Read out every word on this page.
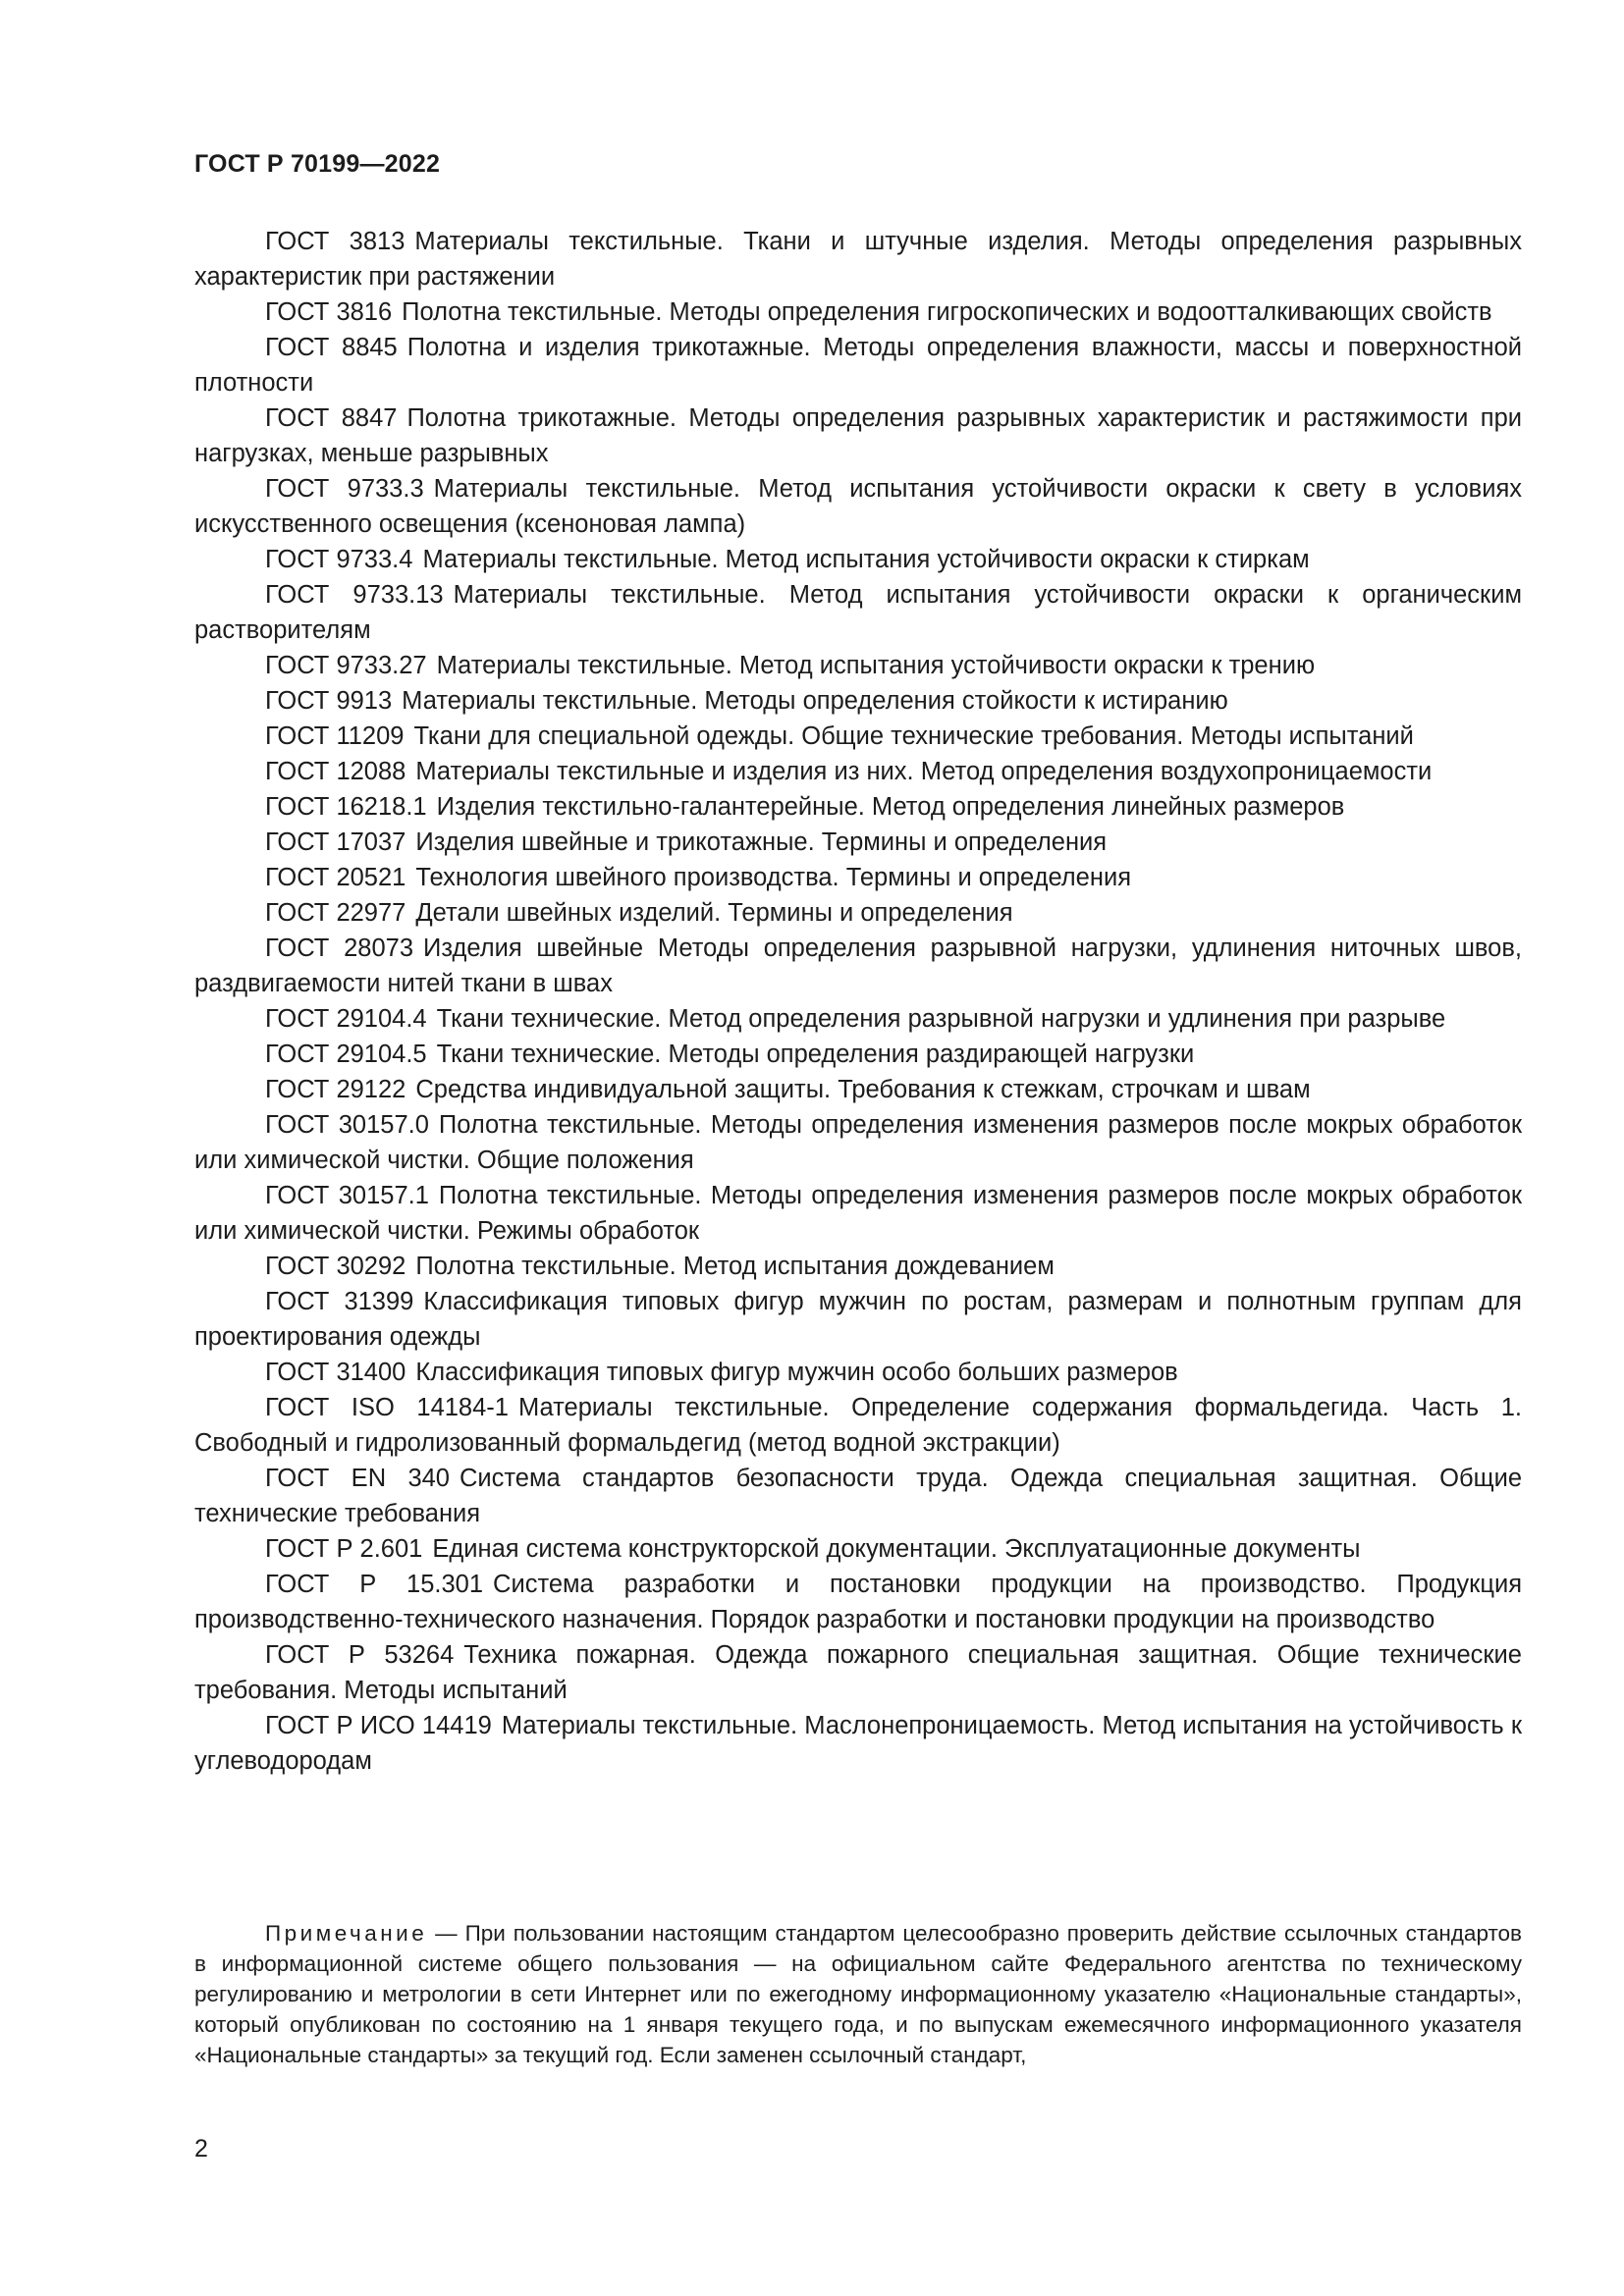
ГОСТ Р 70199—2022

ГОСТ 3813 Материалы текстильные. Ткани и штучные изделия. Методы определения разрывных характеристик при растяжении

ГОСТ 3816 Полотна текстильные. Методы определения гигроскопических и водоотталкивающих свойств

ГОСТ 8845 Полотна и изделия трикотажные. Методы определения влажности, массы и поверхностной плотности

ГОСТ 8847 Полотна трикотажные. Методы определения разрывных характеристик и растяжимости при нагрузках, меньше разрывных

ГОСТ 9733.3 Материалы текстильные. Метод испытания устойчивости окраски к свету в условиях искусственного освещения (ксеноновая лампа)

ГОСТ 9733.4 Материалы текстильные. Метод испытания устойчивости окраски к стиркам

ГОСТ 9733.13 Материалы текстильные. Метод испытания устойчивости окраски к органическим растворителям

ГОСТ 9733.27 Материалы текстильные. Метод испытания устойчивости окраски к трению

ГОСТ 9913 Материалы текстильные. Методы определения стойкости к истиранию

ГОСТ 11209 Ткани для специальной одежды. Общие технические требования. Методы испытаний

ГОСТ 12088 Материалы текстильные и изделия из них. Метод определения воздухопроницаемости

ГОСТ 16218.1 Изделия текстильно-галантерейные. Метод определения линейных размеров

ГОСТ 17037 Изделия швейные и трикотажные. Термины и определения

ГОСТ 20521 Технология швейного производства. Термины и определения

ГОСТ 22977 Детали швейных изделий. Термины и определения

ГОСТ 28073 Изделия швейные Методы определения разрывной нагрузки, удлинения ниточных швов, раздвигаемости нитей ткани в швах

ГОСТ 29104.4 Ткани технические. Метод определения разрывной нагрузки и удлинения при разрыве

ГОСТ 29104.5 Ткани технические. Методы определения раздирающей нагрузки

ГОСТ 29122 Средства индивидуальной защиты. Требования к стежкам, строчкам и швам

ГОСТ 30157.0 Полотна текстильные. Методы определения изменения размеров после мокрых обработок или химической чистки. Общие положения

ГОСТ 30157.1 Полотна текстильные. Методы определения изменения размеров после мокрых обработок или химической чистки. Режимы обработок

ГОСТ 30292 Полотна текстильные. Метод испытания дождеванием

ГОСТ 31399 Классификация типовых фигур мужчин по ростам, размерам и полнотным группам для проектирования одежды

ГОСТ 31400 Классификация типовых фигур мужчин особо больших размеров

ГОСТ ISO 14184-1 Материалы текстильные. Определение содержания формальдегида. Часть 1. Свободный и гидролизованный формальдегид (метод водной экстракции)

ГОСТ EN 340 Система стандартов безопасности труда. Одежда специальная защитная. Общие технические требования

ГОСТ Р 2.601 Единая система конструкторской документации. Эксплуатационные документы

ГОСТ Р 15.301 Система разработки и постановки продукции на производство. Продукция производственно-технического назначения. Порядок разработки и постановки продукции на производство

ГОСТ Р 53264 Техника пожарная. Одежда пожарного специальная защитная. Общие технические требования. Методы испытаний

ГОСТ Р ИСО 14419 Материалы текстильные. Маслонепроницаемость. Метод испытания на устойчивость к углеводородам

Примечание — При пользовании настоящим стандартом целесообразно проверить действие ссылочных стандартов в информационной системе общего пользования — на официальном сайте Федерального агентства по техническому регулированию и метрологии в сети Интернет или по ежегодному информационному указателю «Национальные стандарты», который опубликован по состоянию на 1 января текущего года, и по выпускам ежемесячного информационного указателя «Национальные стандарты» за текущий год. Если заменен ссылочный стандарт,
2
